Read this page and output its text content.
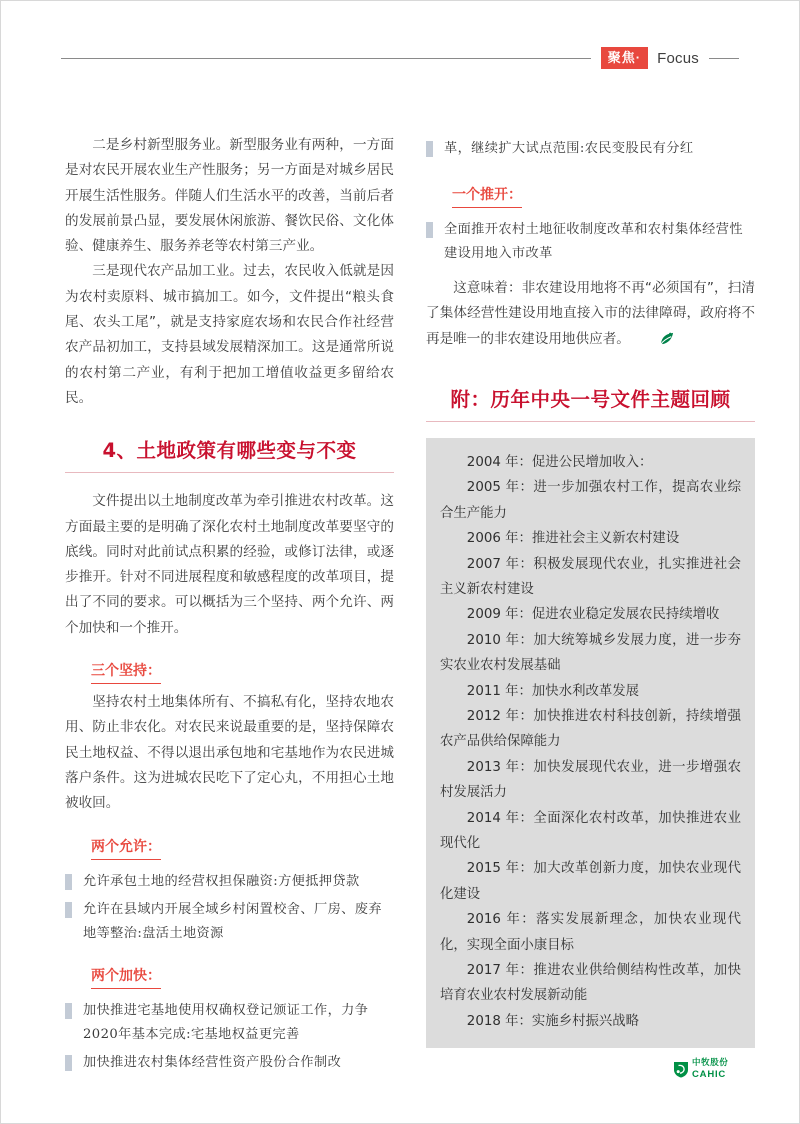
聚焦·	Focus

二是乡村新型服务业。新型服务业有两种，一方面是对农民开展农业生产性服务；另一方面是对城乡居民开展生活性服务。伴随人们生活水平的改善，当前后者的发展前景凸显，要发展休闲旅游、餐饮民俗、文化体验、健康养生、服务养老等农村第三产业。

三是现代农产品加工业。过去，农民收入低就是因为农村卖原料、城市搞加工。如今，文件提出“粮头食尾、农头工尾”，就是支持家庭农场和农民合作社经营农产品初加工，支持县域发展精深加工。这是通常所说的农村第二产业，有利于把加工增值收益更多留给农民。

4、土地政策有哪些变与不变

文件提出以土地制度改革为牵引推进农村改革。这方面最主要的是明确了深化农村土地制度改革要坚守的底线。同时对此前试点积累的经验，或修订法律，或逐步推开。针对不同进展程度和敏感程度的改革项目，提出了不同的要求。可以概括为三个坚持、两个允许、两个加快和一个推开。

三个坚持：

坚持农村土地集体所有、不搞私有化，坚持农地农用、防止非农化。对农民来说最重要的是，坚持保障农民土地权益、不得以退出承包地和宅基地作为农民进城落户条件。这为进城农民吃下了定心丸，不用担心土地被收回。

两个允许：
允许承包土地的经营权担保融资:方便抵押贷款
允许在县域内开展全域乡村闲置校舍、厂房、废弃地等整治:盘活土地资源
两个加快：
加快推进宅基地使用权确权登记颁证工作，力争2020年基本完成:宅基地权益更完善
加快推进农村集体经营性资产股份合作制改
革，继续扩大试点范围:农民变股民有分红
一个推开：
全面推开农村土地征收制度改革和农村集体经营性建设用地入市改革

这意味着：非农建设用地将不再“必须国有”，扫清了集体经营性建设用地直接入市的法律障碍，政府将不再是唯一的非农建设用地供应者。

附：历年中央一号文件主题回顾

2004 年：促进公民增加收入：

2005 年：进一步加强农村工作，提高农业综合生产能力

2006 年：推进社会主义新农村建设

2007 年：积极发展现代农业，扎实推进社会主义新农村建设

2009 年：促进农业稳定发展农民持续增收

2010 年：加大统筹城乡发展力度，进一步夯实农业农村发展基础

2011 年：加快水利改革发展

2012 年：加快推进农村科技创新，持续增强农产品供给保障能力

2013 年：加快发展现代农业，进一步增强农村发展活力

2014 年：全面深化农村改革，加快推进农业现代化

2015 年：加大改革创新力度，加快农业现代化建设

2016 年：落实发展新理念，加快农业现代化，实现全面小康目标

2017 年：推进农业供给侧结构性改革，加快培育农业农村发展新动能

2018 年：实施乡村振兴战略

中牧股份
CAHIC
